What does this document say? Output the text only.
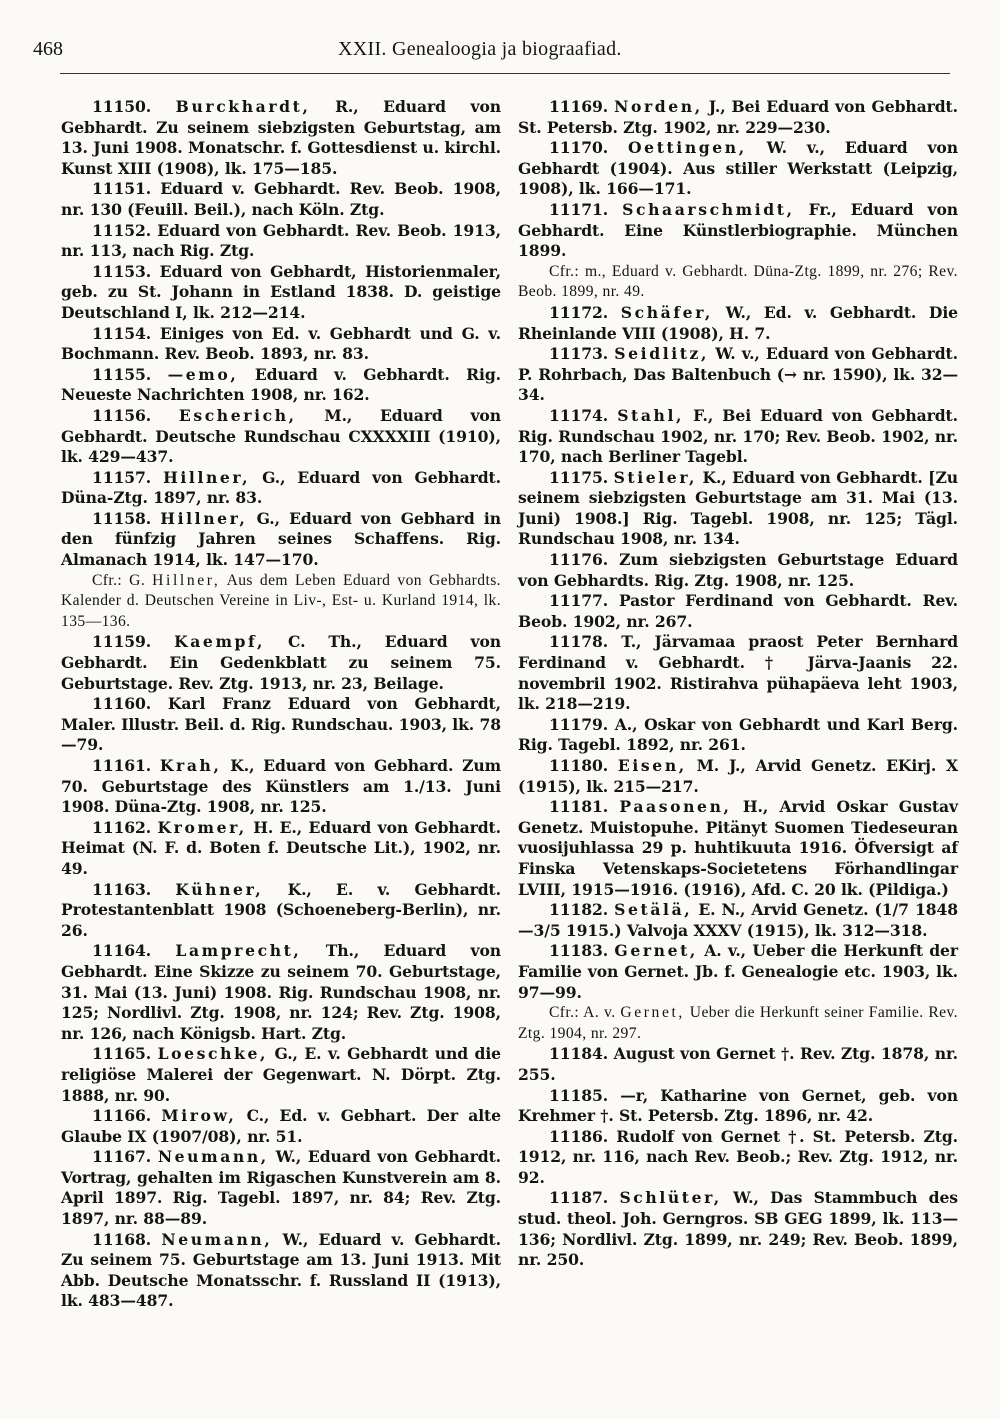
468	XXII. Genealoogia ja biograafiad.

11150. Burckhardt, R., Eduard von Gebhardt. Zu seinem siebzigsten Geburtstag, am 13. Juni 1908. Monatschr. f. Gottesdienst u. kirchl. Kunst XIII (1908), lk. 175—185.

11151. Eduard v. Gebhardt. Rev. Beob. 1908, nr. 130 (Feuill. Beil.), nach Köln. Ztg.

11152. Eduard von Gebhardt. Rev. Beob. 1913, nr. 113, nach Rig. Ztg.

11153. Eduard von Gebhardt, Historienmaler, geb. zu St. Johann in Estland 1838. D. geistige Deutschland I, lk. 212—214.

11154. Einiges von Ed. v. Gebhardt und G. v. Bochmann. Rev. Beob. 1893, nr. 83.

11155. —emo, Eduard v. Gebhardt. Rig. Neueste Nachrichten 1908, nr. 162.

11156. Escherich, M., Eduard von Gebhardt. Deutsche Rundschau CXXXXIII (1910), lk. 429—437.

11157. Hillner, G., Eduard von Gebhardt. Düna-Ztg. 1897, nr. 83.

11158. Hillner, G., Eduard von Gebhard in den fünfzig Jahren seines Schaffens. Rig. Almanach 1914, lk. 147—170.

Cfr.: G. Hillner, Aus dem Leben Eduard von Gebhardts. Kalender d. Deutschen Vereine in Liv-, Est- u. Kurland 1914, lk. 135—136.

11159. Kaempf, C. Th., Eduard von Gebhardt. Ein Gedenkblatt zu seinem 75. Geburtstage. Rev. Ztg. 1913, nr. 23, Beilage.

11160. Karl Franz Eduard von Gebhardt, Maler. Illustr. Beil. d. Rig. Rundschau. 1903, lk. 78—79.

11161. Krah, K., Eduard von Gebhard. Zum 70. Geburtstage des Künstlers am 1./13. Juni 1908. Düna-Ztg. 1908, nr. 125.

11162. Kromer, H. E., Eduard von Gebhardt. Heimat (N. F. d. Boten f. Deutsche Lit.), 1902, nr. 49.

11163. Kühner, K., E. v. Gebhardt. Protestantenblatt 1908 (Schoeneberg-Berlin), nr. 26.

11164. Lamprecht, Th., Eduard von Gebhardt. Eine Skizze zu seinem 70. Geburtstage, 31. Mai (13. Juni) 1908. Rig. Rundschau 1908, nr. 125; Nordlivl. Ztg. 1908, nr. 124; Rev. Ztg. 1908, nr. 126, nach Königsb. Hart. Ztg.

11165. Loeschke, G., E. v. Gebhardt und die religiöse Malerei der Gegenwart. N. Dörpt. Ztg. 1888, nr. 90.

11166. Mirow, C., Ed. v. Gebhart. Der alte Glaube IX (1907/08), nr. 51.

11167. Neumann, W., Eduard von Gebhardt. Vortrag, gehalten im Rigaschen Kunstverein am 8. April 1897. Rig. Tagebl. 1897, nr. 84; Rev. Ztg. 1897, nr. 88—89.

11168. Neumann, W., Eduard v. Gebhardt. Zu seinem 75. Geburtstage am 13. Juni 1913. Mit Abb. Deutsche Monatsschr. f. Russland II (1913), lk. 483—487.

11169. Norden, J., Bei Eduard von Gebhardt. St. Petersb. Ztg. 1902, nr. 229—230.

11170. Oettingen, W. v., Eduard von Gebhardt (1904). Aus stiller Werkstatt (Leipzig, 1908), lk. 166—171.

11171. Schaarschmidt, Fr., Eduard von Gebhardt. Eine Künstlerbiographie. München 1899.

Cfr.: m., Eduard v. Gebhardt. Düna-Ztg. 1899, nr. 276; Rev. Beob. 1899, nr. 49.

11172. Schäfer, W., Ed. v. Gebhardt. Die Rheinlande VIII (1908), H. 7.

11173. Seidlitz, W. v., Eduard von Gebhardt. P. Rohrbach, Das Baltenbuch (→ nr. 1590), lk. 32—34.

11174. Stahl, F., Bei Eduard von Gebhardt. Rig. Rundschau 1902, nr. 170; Rev. Beob. 1902, nr. 170, nach Berliner Tagebl.

11175. Stieler, K., Eduard von Gebhardt. [Zu seinem siebzigsten Geburtstage am 31. Mai (13. Juni) 1908.] Rig. Tagebl. 1908, nr. 125; Tägl. Rundschau 1908, nr. 134.

11176. Zum siebzigsten Geburtstage Eduard von Gebhardts. Rig. Ztg. 1908, nr. 125.

11177. Pastor Ferdinand von Gebhardt. Rev. Beob. 1902, nr. 267.

11178. T., Järvamaa praost Peter Bernhard Ferdinand v. Gebhardt. † Järva-Jaanis 22. novembril 1902. Ristirahva pühapäeva leht 1903, lk. 218—219.

11179. A., Oskar von Gebhardt und Karl Berg. Rig. Tagebl. 1892, nr. 261.

11180. Eisen, M. J., Arvid Genetz. EKirj. X (1915), lk. 215—217.

11181. Paasonen, H., Arvid Oskar Gustav Genetz. Muistopuhe. Pitänyt Suomen Tiedeseuran vuosijuhlassa 29 p. huhtikuuta 1916. Öfversigt af Finska Vetenskaps-Societetens Förhandlingar LVIII, 1915—1916. (1916), Afd. C. 20 lk. (Pildiga.)

11182. Setälä, E. N., Arvid Genetz. (1/7 1848—3/5 1915.) Valvoja XXXV (1915), lk. 312—318.

11183. Gernet, A. v., Ueber die Herkunft der Familie von Gernet. Jb. f. Genealogie etc. 1903, lk. 97—99.

Cfr.: A. v. Gernet, Ueber die Herkunft seiner Familie. Rev. Ztg. 1904, nr. 297.

11184. August von Gernet †. Rev. Ztg. 1878, nr. 255.

11185. —r, Katharine von Gernet, geb. von Krehmer †. St. Petersb. Ztg. 1896, nr. 42.

11186. Rudolf von Gernet †. St. Petersb. Ztg. 1912, nr. 116, nach Rev. Beob.; Rev. Ztg. 1912, nr. 92.

11187. Schlüter, W., Das Stammbuch des stud. theol. Joh. Gerngros. SB GEG 1899, lk. 113—136; Nordlivl. Ztg. 1899, nr. 249; Rev. Beob. 1899, nr. 250.
